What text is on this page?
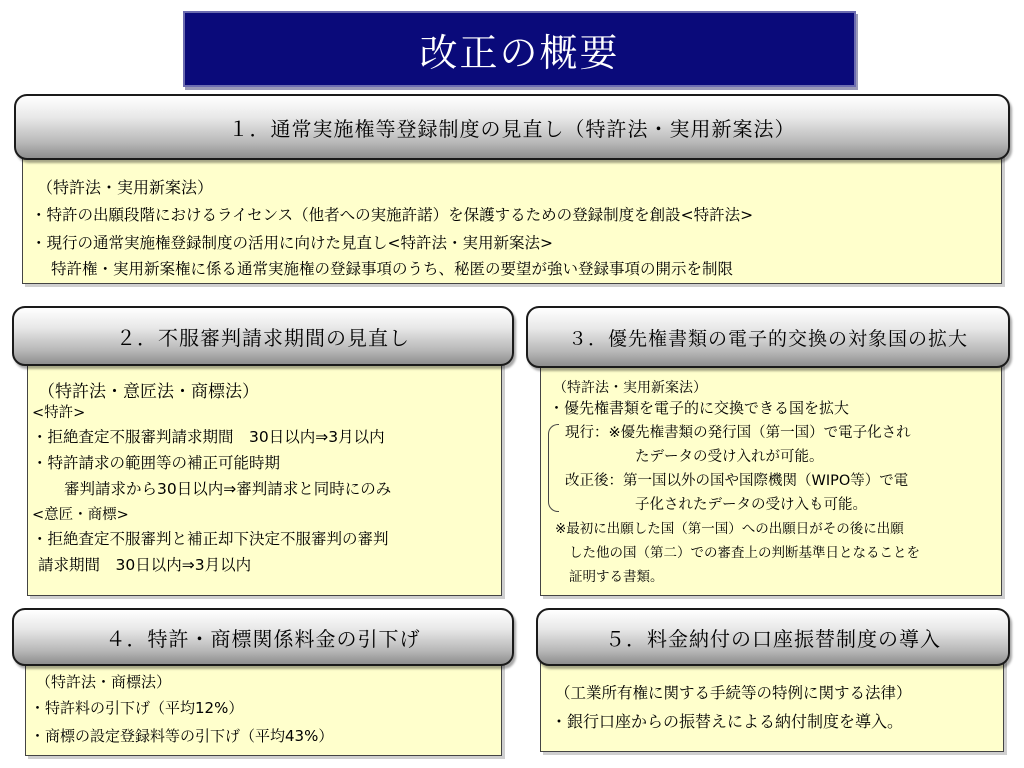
改正の概要
（特許法・実用新案法）
・特許の出願段階におけるライセンス（他者への実施許諾）を保護するための登録制度を創設<特許法>
・現行の通常実施権登録制度の活用に向けた見直し<特許法・実用新案法>
特許権・実用新案権に係る通常実施権の登録事項のうち、秘匿の要望が強い登録事項の開示を制限
１．通常実施権等登録制度の見直し（特許法・実用新案法）
（特許法・意匠法・商標法）
<特許>
・拒絶査定不服審判請求期間　30日以内⇒3月以内
・特許請求の範囲等の補正可能時期
審判請求から30日以内⇒審判請求と同時にのみ
<意匠・商標>
・拒絶査定不服審判と補正却下決定不服審判の審判
請求期間　30日以内⇒3月以内
２．不服審判請求期間の見直し
（特許法・実用新案法）
・優先権書類を電子的に交換できる国を拡大
現行：※優先権書類の発行国（第一国）で電子化され
たデータの受け入れが可能。
改正後：第一国以外の国や国際機関（WIPO等）で電
子化されたデータの受け入も可能。
※最初に出願した国（第一国）への出願日がその後に出願
した他の国（第二）での審査上の判断基準日となることを
証明する書類。
３．優先権書類の電子的交換の対象国の拡大
（特許法・商標法）
・特許料の引下げ（平均12%）
・商標の設定登録料等の引下げ（平均43%）
４．特許・商標関係料金の引下げ
（工業所有権に関する手続等の特例に関する法律）
・銀行口座からの振替えによる納付制度を導入。
５．料金納付の口座振替制度の導入
